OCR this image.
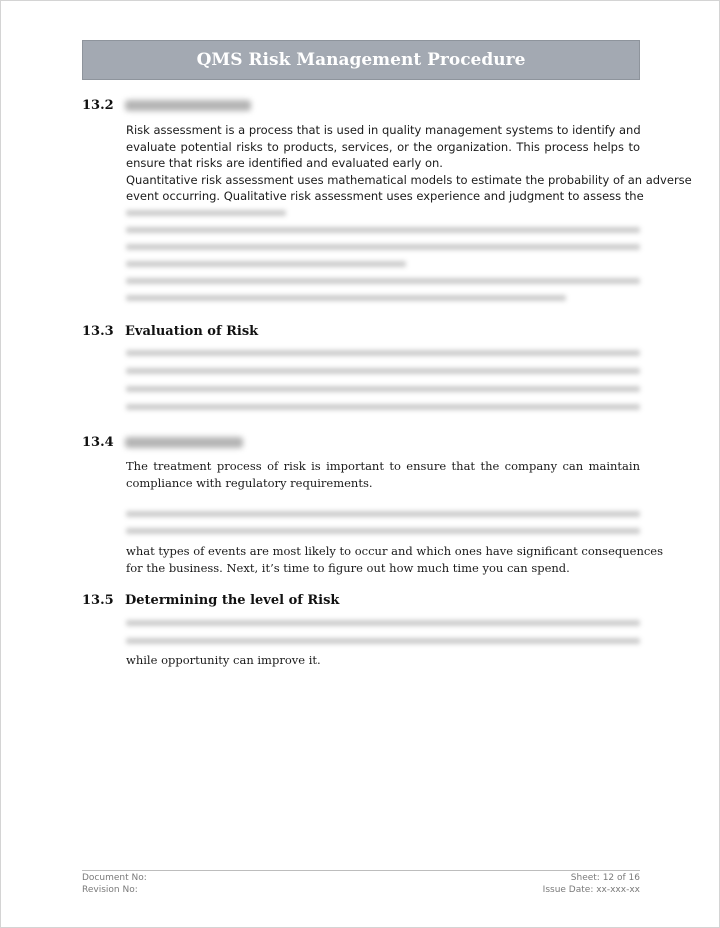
QMS Risk Management Procedure
13.2
Risk assessment is a process that is used in quality management systems to identify and
evaluate potential risks to products, services, or the organization. This process helps to
ensure that risks are identified and evaluated early on.
Quantitative risk assessment uses mathematical models to estimate the probability of an adverse
event occurring. Qualitative risk assessment uses experience and judgment to assess the
13.3 Evaluation of Risk
13.4
The treatment process of risk is important to ensure that the company can maintain
compliance with regulatory requirements.
what types of events are most likely to occur and which ones have significant consequences
for the business. Next, it’s time to figure out how much time you can spend.
13.5 Determining the level of Risk
while opportunity can improve it.
Document No:
Revision No:
Sheet: 12 of 16
Issue Date: xx-xxx-xx
